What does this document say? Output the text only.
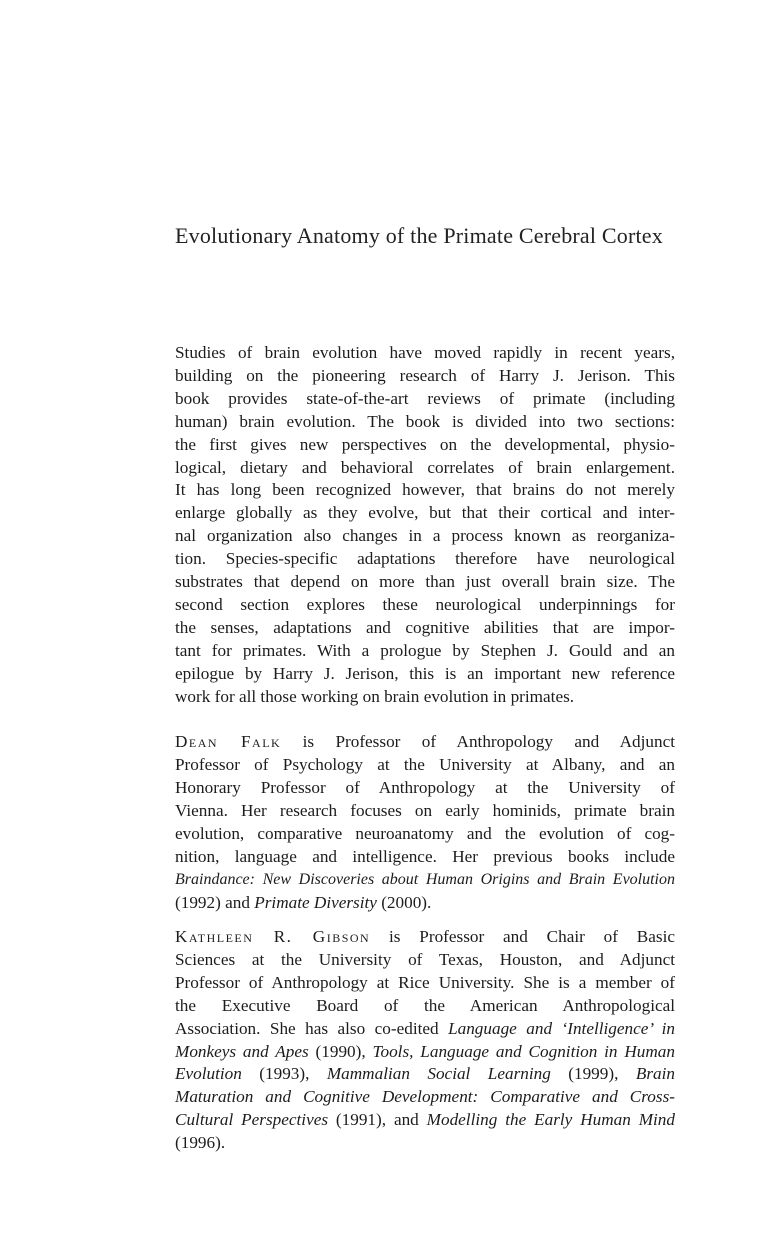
Evolutionary Anatomy of the Primate Cerebral Cortex
Studies of brain evolution have moved rapidly in recent years,
building on the pioneering research of Harry J. Jerison. This
book provides state-of-the-art reviews of primate (including
human) brain evolution. The book is divided into two sections:
the first gives new perspectives on the developmental, physio-
logical, dietary and behavioral correlates of brain enlargement.
It has long been recognized however, that brains do not merely
enlarge globally as they evolve, but that their cortical and inter-
nal organization also changes in a process known as reorganiza-
tion. Species-specific adaptations therefore have neurological
substrates that depend on more than just overall brain size. The
second section explores these neurological underpinnings for
the senses, adaptations and cognitive abilities that are impor-
tant for primates. With a prologue by Stephen J. Gould and an
epilogue by Harry J. Jerison, this is an important new reference
work for all those working on brain evolution in primates.
Dean Falk is Professor of Anthropology and Adjunct
Professor of Psychology at the University at Albany, and an
Honorary Professor of Anthropology at the University of
Vienna. Her research focuses on early hominids, primate brain
evolution, comparative neuroanatomy and the evolution of cog-
nition, language and intelligence. Her previous books include
Braindance: New Discoveries about Human Origins and Brain Evolution
(1992) and Primate Diversity (2000).
Kathleen R. Gibson is Professor and Chair of Basic
Sciences at the University of Texas, Houston, and Adjunct
Professor of Anthropology at Rice University. She is a member of
the Executive Board of the American Anthropological
Association. She has also co-edited Language and ‘Intelligence’ in
Monkeys and Apes (1990), Tools, Language and Cognition in Human
Evolution (1993), Mammalian Social Learning (1999), Brain
Maturation and Cognitive Development: Comparative and Cross-
Cultural Perspectives (1991), and Modelling the Early Human Mind
(1996).
